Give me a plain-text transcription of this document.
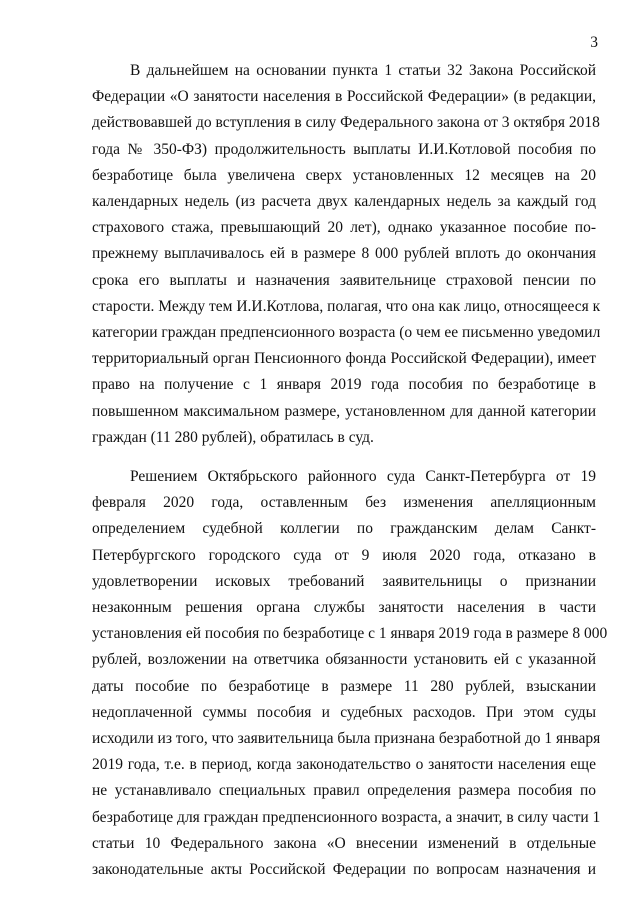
3

В дальнейшем на основании пункта 1 статьи 32 Закона Российской
Федерации «О занятости населения в Российской Федерации» (в редакции,
действовавшей до вступления в силу Федерального закона от 3 октября 2018
года № 350-ФЗ) продолжительность выплаты И.И.Котловой пособия по
безработице была увеличена сверх установленных 12 месяцев на 20
календарных недель (из расчета двух календарных недель за каждый год
страхового стажа, превышающий 20 лет), однако указанное пособие по-
прежнему выплачивалось ей в размере 8 000 рублей вплоть до окончания
срока его выплаты и назначения заявительнице страховой пенсии по
старости. Между тем И.И.Котлова, полагая, что она как лицо, относящееся к
категории граждан предпенсионного возраста (о чем ее письменно уведомил
территориальный орган Пенсионного фонда Российской Федерации), имеет
право на получение с 1 января 2019 года пособия по безработице в
повышенном максимальном размере, установленном для данной категории
граждан (11 280 рублей), обратилась в суд.

Решением Октябрьского районного суда Санкт-Петербурга от 19
февраля 2020 года, оставленным без изменения апелляционным
определением судебной коллегии по гражданским делам Санкт-
Петербургского городского суда от 9 июля 2020 года, отказано в
удовлетворении исковых требований заявительницы о признании
незаконным решения органа службы занятости населения в части
установления ей пособия по безработице с 1 января 2019 года в размере 8 000
рублей, возложении на ответчика обязанности установить ей с указанной
даты пособие по безработице в размере 11 280 рублей, взыскании
недоплаченной суммы пособия и судебных расходов. При этом суды
исходили из того, что заявительница была признана безработной до 1 января
2019 года, т.е. в период, когда законодательство о занятости населения еще
не устанавливало специальных правил определения размера пособия по
безработице для граждан предпенсионного возраста, а значит, в силу части 1
статьи 10 Федерального закона «О внесении изменений в отдельные
законодательные акты Российской Федерации по вопросам назначения и
